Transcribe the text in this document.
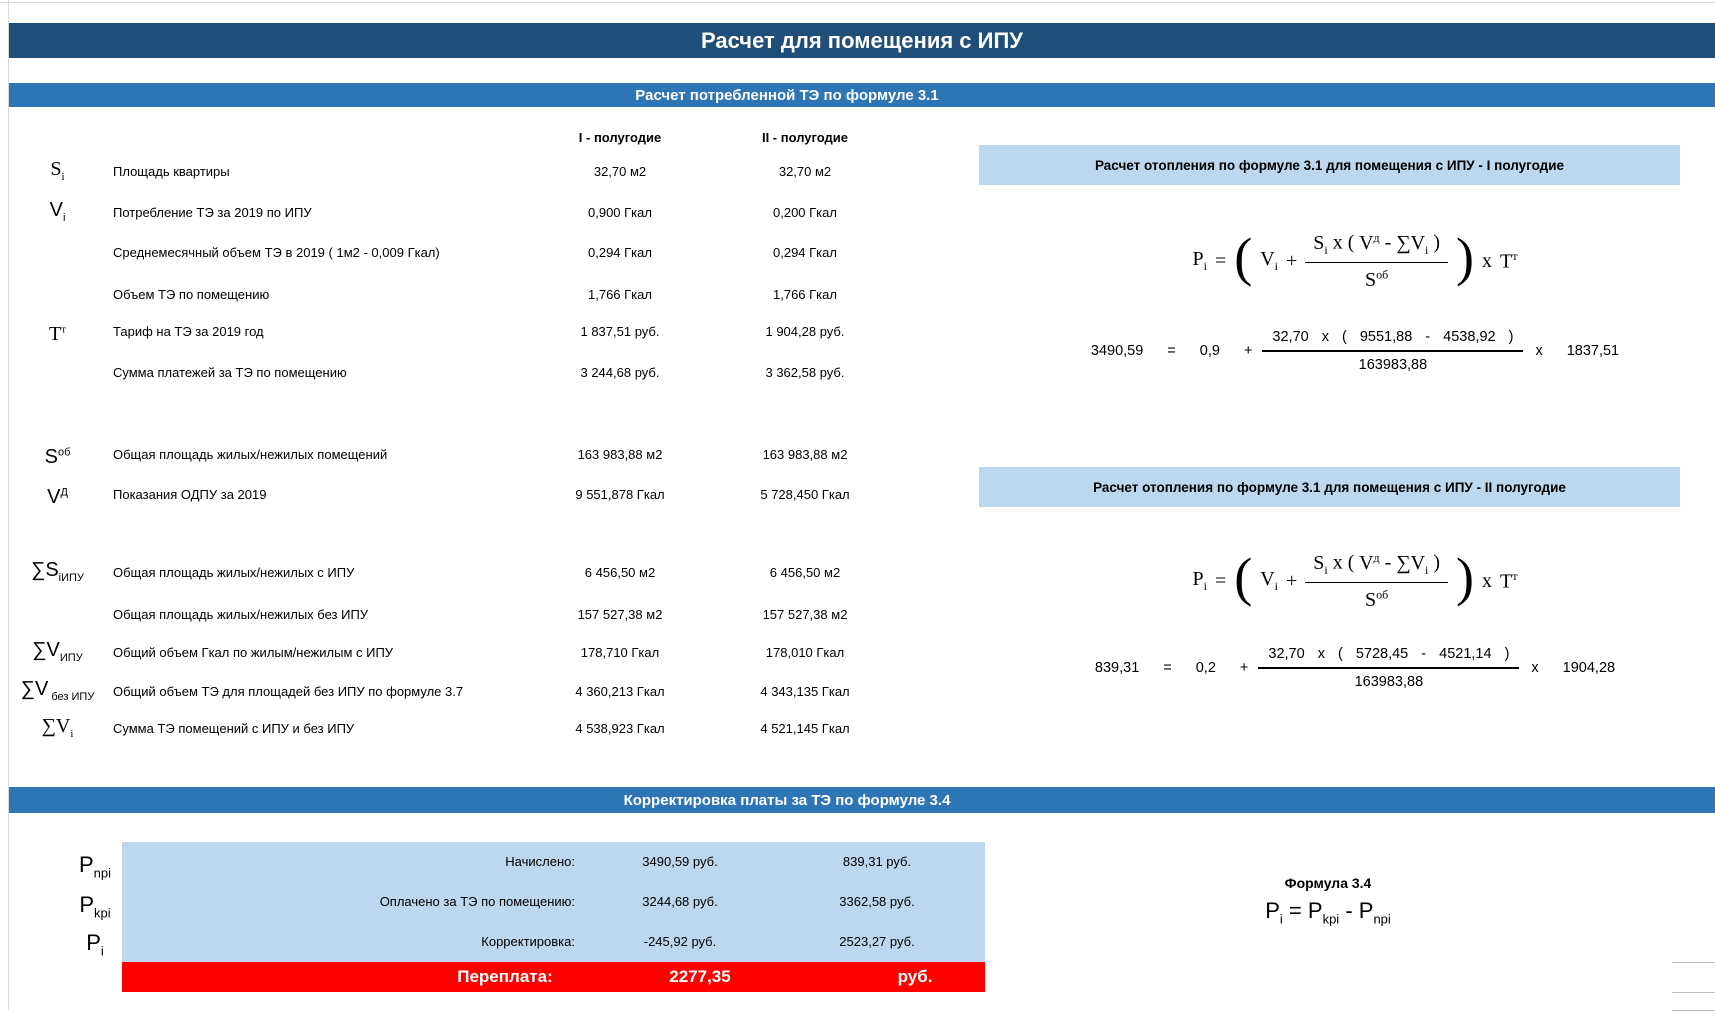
Расчет для помещения с ИПУ
Расчет потребленной ТЭ по формуле 3.1
I - полугодие	II - полугодие
$S_i$	Площадь квартиры	32,70 м2	32,70 м2
$V_i$	Потребление ТЭ за 2019 по ИПУ	0,900 Гкал	0,200 Гкал
Среднемесячный объем ТЭ в 2019 ( 1м2 - 0,009 Гкал)	0,294 Гкал	0,294 Гкал
Объем ТЭ по помещению	1,766 Гкал	1,766 Гкал
$T^т$	Тариф на ТЭ за 2019 год	1 837,51 руб.	1 904,28 руб.
Сумма платежей за ТЭ по помещению	3 244,68 руб.	3 362,58 руб.
$S^{об}$	Общая площадь жилых/нежилых помещений	163 983,88 м2	163 983,88 м2
$V^Д$	Показания ОДПУ за 2019	9 551,878 Гкал	5 728,450 Гкал
$\sum S_{iИПУ}$	Общая площадь жилых/нежилых с ИПУ	6 456,50 м2	6 456,50 м2
Общая площадь жилых/нежилых без ИПУ	157 527,38 м2	157 527,38 м2
$\sum V_{ИПУ}$	Общий объем Гкал по жилым/нежилым с ИПУ	178,710 Гкал	178,010 Гкал
∑V $_{без ИПУ}$	Общий объем ТЭ для площадей без ИПУ по формуле 3.7	4 360,213 Гкал	4 343,135 Гкал
$\sum V_i$	Сумма ТЭ помещений с ИПУ и без ИПУ	4 538,923 Гкал	4 521,145 Гкал
Расчет отопления по формуле 3.1 для помещения с ИПУ - I полугодие
$P_i$ = ( $V_i$ +
$S_i$ x ( $V^д - \sum V_i$ )
$S^{об}$ ) x $T^т$
$3490,59 = 0,9 + \frac{32,70 x ( 9551,88 - 4538,92 )}{163983,88}$ x 1837,51
Расчет отопления по формуле 3.1 для помещения с ИПУ - II полугодие
$P_i$ = ( $V_i$ +
$S_i$ x ( $V^д - \sum V_i$ )
$S^{об}$ ) x $T^т$
$839,31 = 0,2 + \frac{32,70 x ( 5728,45 - 4521,14 )}{163983,88}$ x 1904,28
Корректировка платы за ТЭ по формуле 3.4
$P_{npi}$
$P_{kpi}$
$P_i$
Начислено:	3490,59 руб.	839,31 руб.
Оплачено за ТЭ по помещению:	3244,68 руб.	3362,58 руб.
Корректировка:	-245,92 руб.	2523,27 руб.
Переплата:	2277,35	руб.
Формула 3.4
$P_i = P_{kpi} - P_{npi}$
